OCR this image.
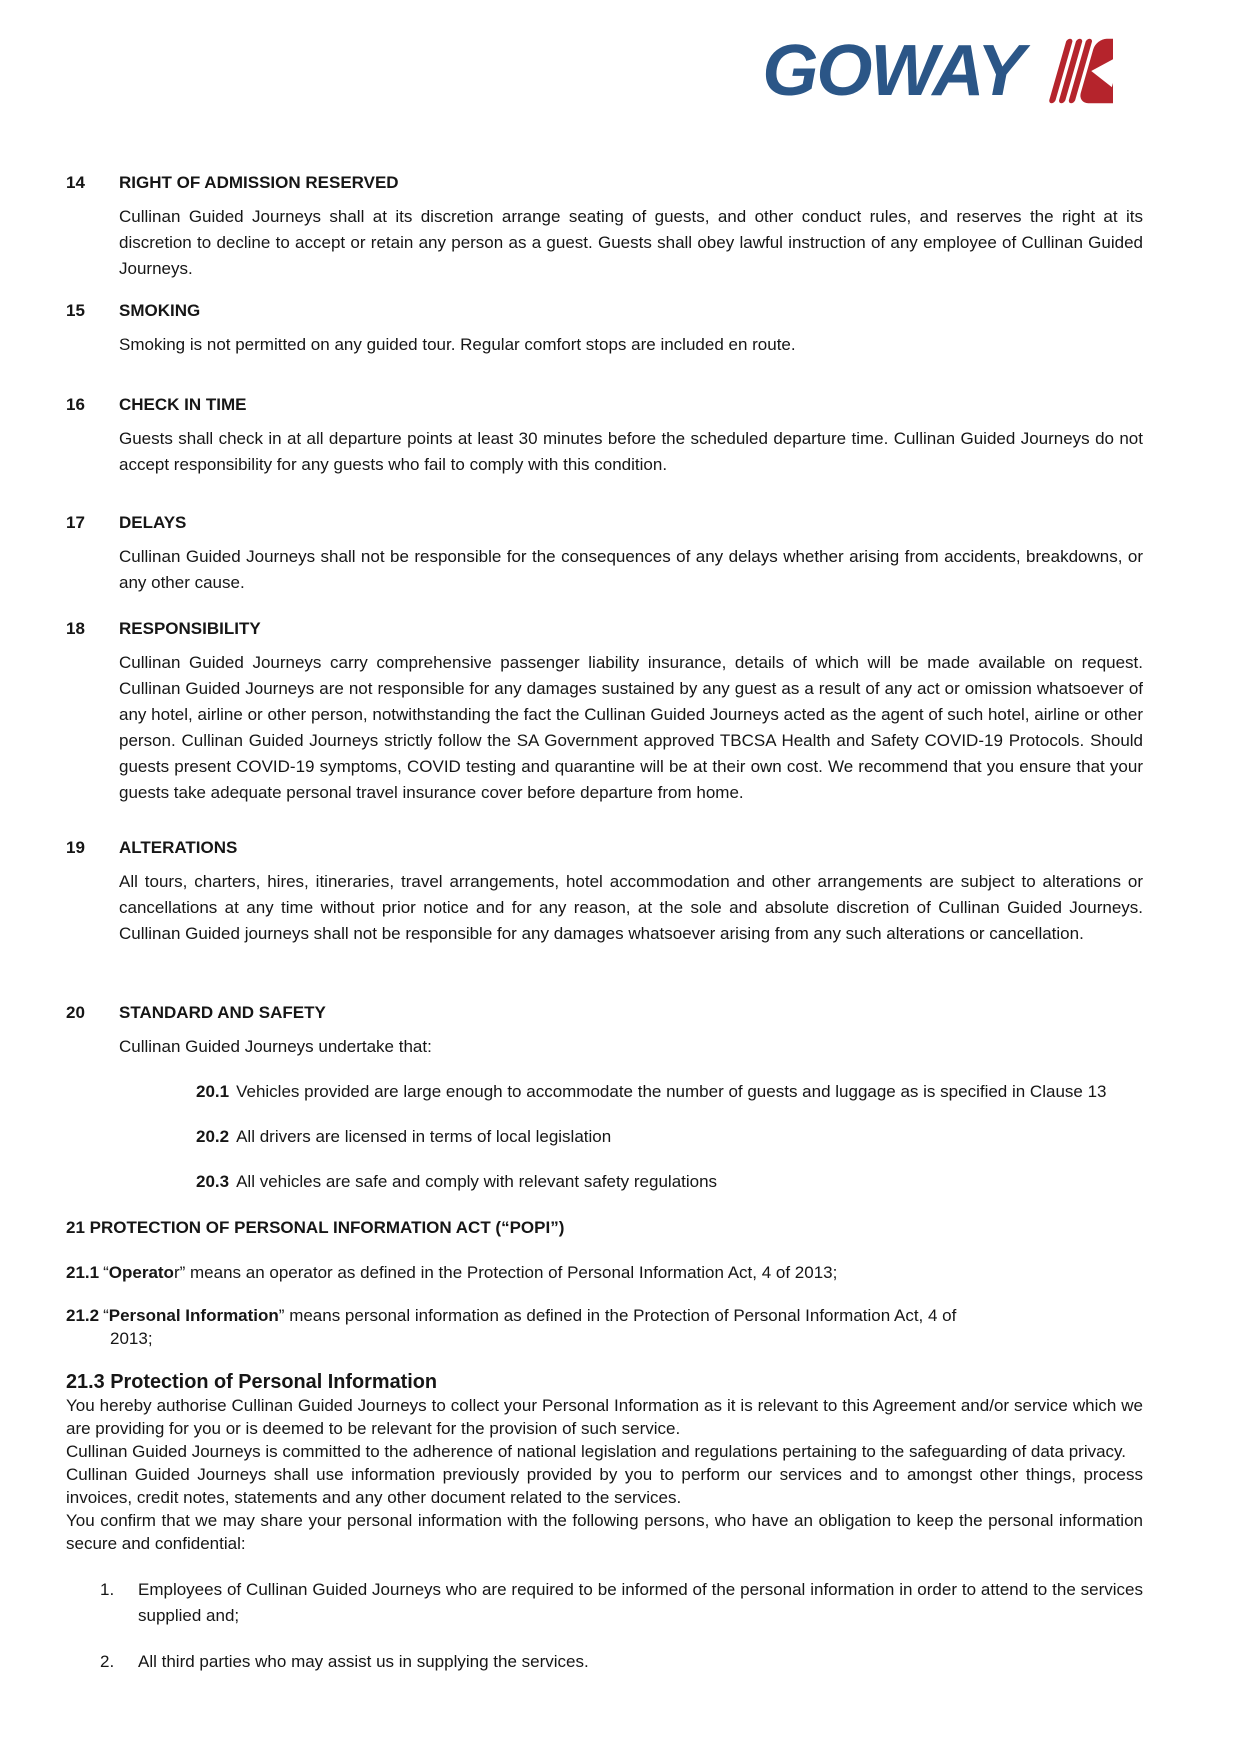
GOWAY
14	RIGHT OF ADMISSION RESERVED

Cullinan Guided Journeys shall at its discretion arrange seating of guests, and other conduct rules, and reserves the right at its discretion to decline to accept or retain any person as a guest. Guests shall obey lawful instruction of any employee of Cullinan Guided Journeys.

15	SMOKING

Smoking is not permitted on any guided tour. Regular comfort stops are included en route.

16	CHECK IN TIME

Guests shall check in at all departure points at least 30 minutes before the scheduled departure time. Cullinan Guided Journeys do not accept responsibility for any guests who fail to comply with this condition.

17	DELAYS

Cullinan Guided Journeys shall not be responsible for the consequences of any delays whether arising from accidents, breakdowns, or any other cause.

18	RESPONSIBILITY

Cullinan Guided Journeys carry comprehensive passenger liability insurance, details of which will be made available on request. Cullinan Guided Journeys are not responsible for any damages sustained by any guest as a result of any act or omission whatsoever of any hotel, airline or other person, notwithstanding the fact the Cullinan Guided Journeys acted as the agent of such hotel, airline or other person. Cullinan Guided Journeys strictly follow the SA Government approved TBCSA Health and Safety COVID-19 Protocols. Should guests present COVID-19 symptoms, COVID testing and quarantine will be at their own cost. We recommend that you ensure that your guests take adequate personal travel insurance cover before departure from home.

19	ALTERATIONS

All tours, charters, hires, itineraries, travel arrangements, hotel accommodation and other arrangements are subject to alterations or cancellations at any time without prior notice and for any reason, at the sole and absolute discretion of Cullinan Guided Journeys. Cullinan Guided journeys shall not be responsible for any damages whatsoever arising from any such alterations or cancellation.

20	STANDARD AND SAFETY

Cullinan Guided Journeys undertake that:

20.1 Vehicles provided are large enough to accommodate the number of guests and luggage as is specified in Clause 13

20.2 All drivers are licensed in terms of local legislation

20.3 All vehicles are safe and comply with relevant safety regulations

21 PROTECTION OF PERSONAL INFORMATION ACT (“POPI”)

21.1 “Operator” means an operator as defined in the Protection of Personal Information Act, 4 of 2013;

21.2 “Personal Information” means personal information as defined in the Protection of Personal Information Act, 4 of
2013;

21.3 Protection of Personal Information

You hereby authorise Cullinan Guided Journeys to collect your Personal Information as it is relevant to this Agreement and/or service which we are providing for you or is deemed to be relevant for the provision of such service.

Cullinan Guided Journeys is committed to the adherence of national legislation and regulations pertaining to the safeguarding of data privacy.

Cullinan Guided Journeys shall use information previously provided by you to perform our services and to amongst other things, process invoices, credit notes, statements and any other document related to the services.

You confirm that we may share your personal information with the following persons, who have an obligation to keep the personal information secure and confidential:

1.	Employees of Cullinan Guided Journeys who are required to be informed of the personal information in order to attend to the services supplied and;
2.	All third parties who may assist us in supplying the services.
